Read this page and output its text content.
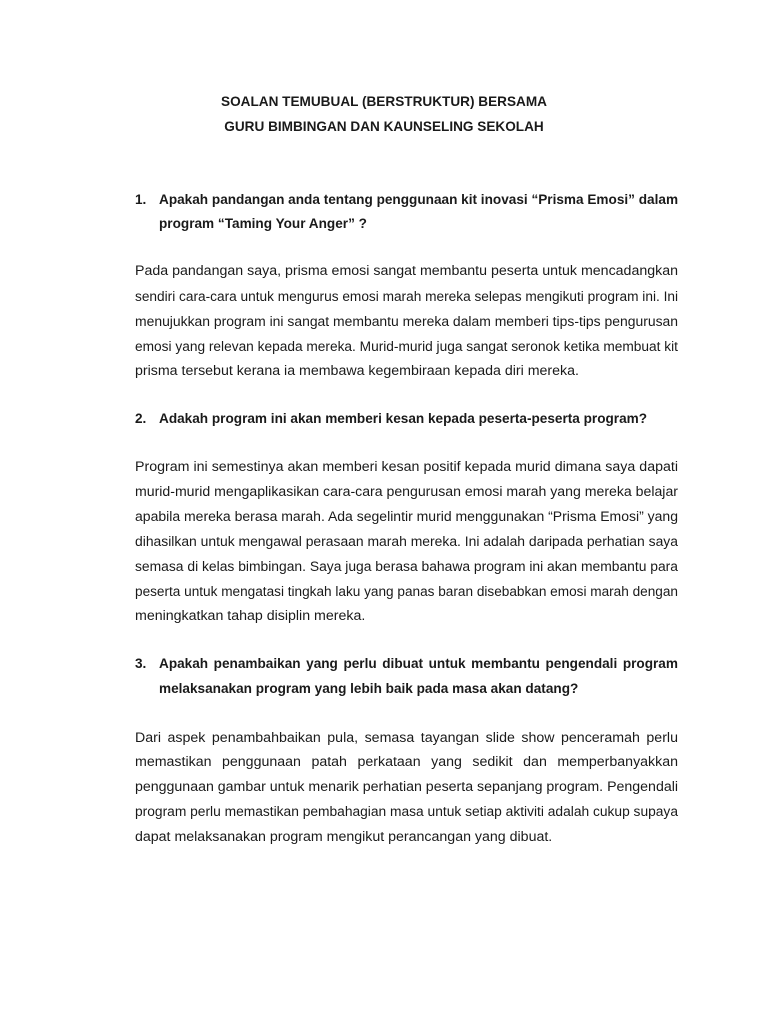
SOALAN TEMUBUAL (BERSTRUKTUR) BERSAMA
GURU BIMBINGAN DAN KAUNSELING SEKOLAH
1. Apakah pandangan anda tentang penggunaan kit inovasi “Prisma Emosi” dalam
program “Taming Your Anger” ?
Pada pandangan saya, prisma emosi sangat membantu peserta untuk mencadangkan
sendiri cara-cara untuk mengurus emosi marah mereka selepas mengikuti program ini. Ini
menujukkan program ini sangat membantu mereka dalam memberi tips-tips pengurusan
emosi yang relevan kepada mereka. Murid-murid juga sangat seronok ketika membuat kit
prisma tersebut kerana ia membawa kegembiraan kepada diri mereka.
2. Adakah program ini akan memberi kesan kepada peserta-peserta program?
Program ini semestinya akan memberi kesan positif kepada murid dimana saya dapati
murid-murid mengaplikasikan cara-cara pengurusan emosi marah yang mereka belajar
apabila mereka berasa marah. Ada segelintir murid menggunakan “Prisma Emosi” yang
dihasilkan untuk mengawal perasaan marah mereka. Ini adalah daripada perhatian saya
semasa di kelas bimbingan. Saya juga berasa bahawa program ini akan membantu para
peserta untuk mengatasi tingkah laku yang panas baran disebabkan emosi marah dengan
meningkatkan tahap disiplin mereka.
3. Apakah penambaikan yang perlu dibuat untuk membantu pengendali program
melaksanakan program yang lebih baik pada masa akan datang?
Dari aspek penambahbaikan pula, semasa tayangan slide show penceramah perlu
memastikan penggunaan patah perkataan yang sedikit dan memperbanyakkan
penggunaan gambar untuk menarik perhatian peserta sepanjang program. Pengendali
program perlu memastikan pembahagian masa untuk setiap aktiviti adalah cukup supaya
dapat melaksanakan program mengikut perancangan yang dibuat.
